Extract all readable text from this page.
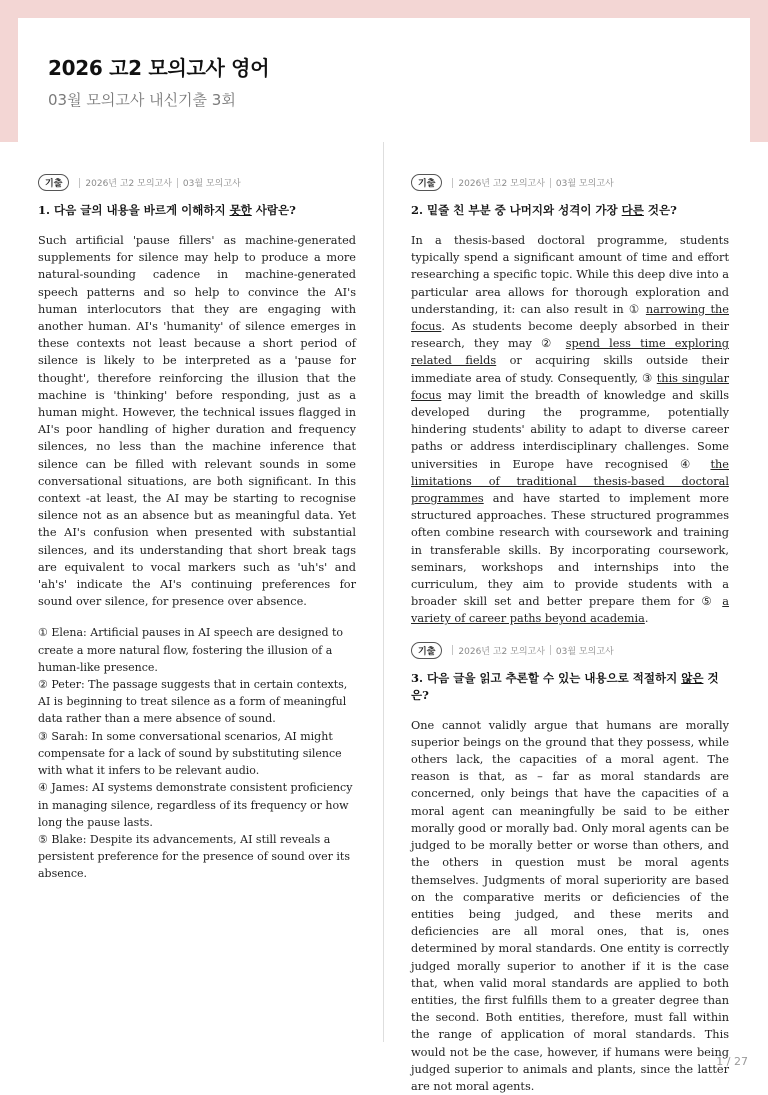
2026 고2 모의고사 영어
03월 모의고사 내신기출 3회
기출	2026년 고2 모의고사 03월 모의고사
1. 다음 글의 내용을 바르게 이해하지 못한 사람은?
Such artificial 'pause fillers' as machine-generated supplements for silence may help to produce a more natural-sounding cadence in machine-generated speech patterns and so help to convince the AI's human interlocutors that they are engaging with another human. AI's 'humanity' of silence emerges in these contexts not least because a short period of silence is likely to be interpreted as a 'pause for thought', therefore reinforcing the illusion that the machine is 'thinking' before responding, just as a human might. However, the technical issues flagged in AI's poor handling of higher duration and frequency silences, no less than the machine inference that silence can be filled with relevant sounds in some conversational situations, are both significant. In this context -at least, the AI may be starting to recognise silence not as an absence but as meaningful data. Yet the AI's confusion when presented with substantial silences, and its understanding that short break tags are equivalent to vocal markers such as 'uh's' and 'ah's' indicate the AI's continuing preferences for sound over silence, for presence over absence.
① Elena: Artificial pauses in AI speech are designed to create a more natural flow, fostering the illusion of a human-like presence.
② Peter: The passage suggests that in certain contexts, AI is beginning to treat silence as a form of meaningful data rather than a mere absence of sound.
③ Sarah: In some conversational scenarios, AI might compensate for a lack of sound by substituting silence with what it infers to be relevant audio.
④ James: AI systems demonstrate consistent proficiency in managing silence, regardless of its frequency or how long the pause lasts.
⑤ Blake: Despite its advancements, AI still reveals a persistent preference for the presence of sound over its absence.
기출	2026년 고2 모의고사 03월 모의고사
2. 밑줄 친 부분 중 나머지와 성격이 가장 다른 것은?
In a thesis-based doctoral programme, students typically spend a significant amount of time and effort researching a specific topic. While this deep dive into a particular area allows for thorough exploration and understanding, it: can also result in ① narrowing the focus. As students become deeply absorbed in their research, they may ② spend less time exploring related fields or acquiring skills outside their immediate area of study. Consequently, ③ this singular focus may limit the breadth of knowledge and skills developed during the programme, potentially hindering students' ability to adapt to diverse career paths or address interdisciplinary challenges. Some universities in Europe have recognised ④ the limitations of traditional thesis-based doctoral programmes and have started to implement more structured approaches. These structured programmes often combine research with coursework and training in transferable skills. By incorporating coursework, seminars, workshops and internships into the curriculum, they aim to provide students with a broader skill set and better prepare them for ⑤ a variety of career paths beyond academia.
기출	2026년 고2 모의고사 03월 모의고사
3. 다음 글을 읽고 추론할 수 있는 내용으로 적절하지 않은 것은?
One cannot validly argue that humans are morally superior beings on the ground that they possess, while others lack, the capacities of a moral agent. The reason is that, as – far as moral standards are concerned, only beings that have the capacities of a moral agent can meaningfully be said to be either morally good or morally bad. Only moral agents can be judged to be morally better or worse than others, and the others in question must be moral agents themselves. Judgments of moral superiority are based on the comparative merits or deficiencies of the entities being judged, and these merits and deficiencies are all moral ones, that is, ones determined by moral standards. One entity is correctly judged morally superior to another if it is the case that, when valid moral standards are applied to both entities, the first fulfills them to a greater degree than the second. Both entities, therefore, must fall within the range of application of moral standards. This would not be the case, however, if humans were being judged superior to animals and plants, since the latter are not moral agents.
1 / 27
